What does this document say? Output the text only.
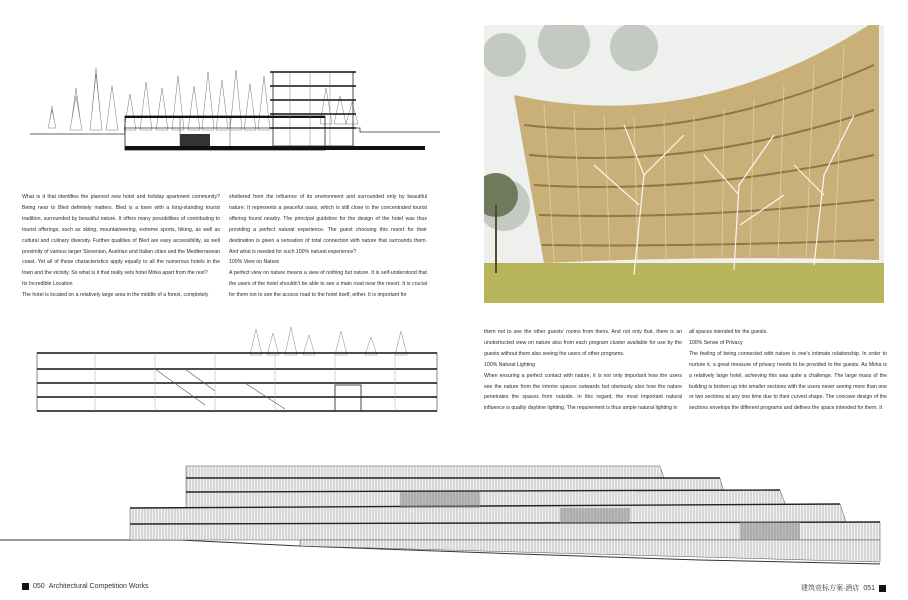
What is it that identifies the planned new hotel and holiday apartment community? Being near to Bled definitely matters. Bled is a town with a long-standing tourist tradition, surrounded by beautiful nature. It offers many possibilities of contributing to tourist offerings, such as skiing, mountaineering, extreme sports, hiking, as well as cultural and culinary diversity. Further qualities of Bled are easy accessibility, as well proximity of various larger Slovenian, Austrian and Italian cities and the Mediterranean coast. Yet all of these characteristics apply equally to all the numerous hotels in the town and the vicinity. So what is it that really sets hotel Mirka apart from the rest?

Its Incredible Location

The hotel is located on a relatively large area in the middle of a forest, completely

sheltered from the influence of its environment and surrounded only by beautiful nature. It represents a peaceful oasis, which is still close to the concentrated tourist offering found nearby. The principal guideline for the design of the hotel was thus providing a perfect natural experience. The guest choosing this resort for their destination is given a sensation of total connection with nature that surrounds them. And what is needed for such 100% natural experience?

100% View on Nature

A perfect view on nature means a view of nothing but nature. It is self-understood that the users of the hotel shouldn't be able to see a main road near the resort. It is crucial for them not to see the access road to the hotel itself, either. It is important for

them not to see the other guests' rooms from theirs. And not only that, there is an unobstructed view on nature also from each program cluster available for use by the guests without them also seeing the users of other programs.

100% Natural Lighting

When ensuring a perfect contact with nature, it is not only important how the users see the nature from the interior spaces outwards but obviously also how the nature penetrates the spaces from outside. In this regard, the most important natural influence is quality daytime lighting. The requirement is thus ample natural lighting in

all spaces intended for the guests.

100% Sense of Privacy

The feeling of being connected with nature is one's intimate relationship. In order to nurture it, a great measure of privacy needs to be provided to the guests. As Mirka is a relatively large hotel, achieving this was quite a challenge. The large mass of the building is broken up into smaller sections with the users never seeing more than one or two sections at any one time due to their curved shape. The concave design of the sections envelops the different programs and defines the space intended for them. It

050 Architectural Competition Works	建筑竞标方案·酒店 051
